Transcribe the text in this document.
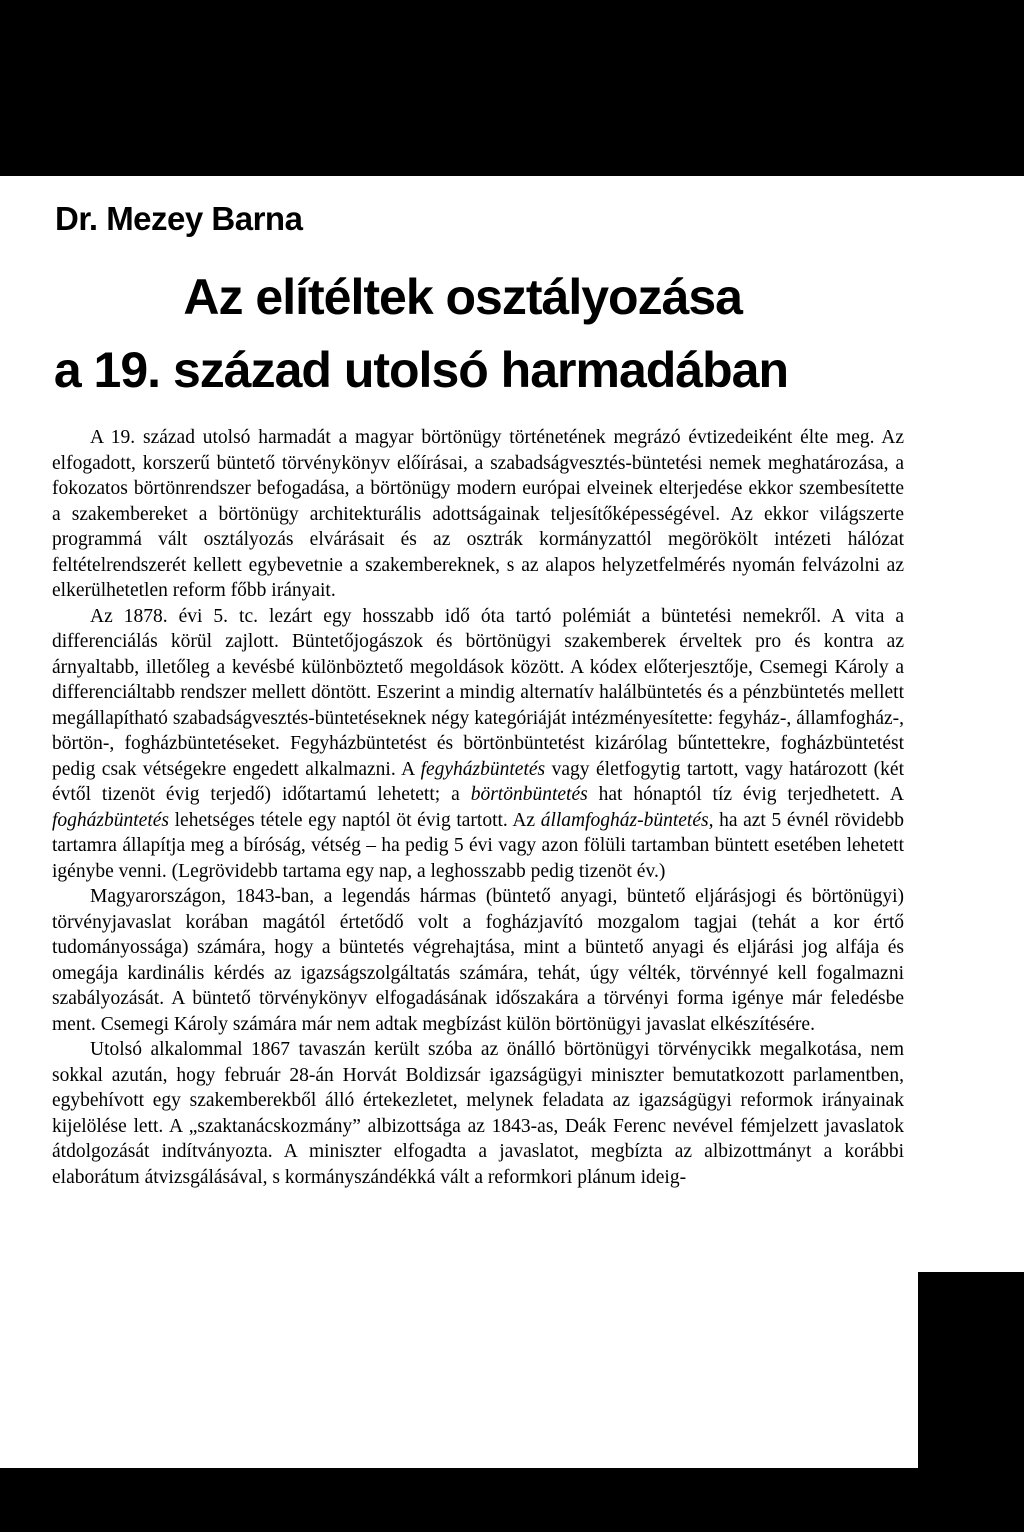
Dr. Mezey Barna
Az elítéltek osztályozása
a 19. század utolsó harmadában

A 19. század utolsó harmadát a magyar börtönügy történetének megrázó évtizedeiként élte meg. Az elfogadott, korszerű büntető törvénykönyv előírásai, a szabadságvesztés-büntetési nemek meghatározása, a fokozatos börtönrendszer befogadása, a börtönügy modern európai elveinek elterjedése ekkor szembesítette a szakembereket a börtönügy architekturális adottságainak teljesítőképességével. Az ekkor világszerte programmá vált osztályozás elvárásait és az osztrák kormányzattól megörökölt intézeti hálózat feltételrendszerét kellett egybevetnie a szakembereknek, s az alapos helyzetfelmérés nyomán felvázolni az elkerülhetetlen reform főbb irányait.

Az 1878. évi 5. tc. lezárt egy hosszabb idő óta tartó polémiát a büntetési nemekről. A vita a differenciálás körül zajlott. Büntetőjogászok és börtönügyi szakemberek érveltek pro és kontra az árnyaltabb, illetőleg a kevésbé különböztető megoldások között. A kódex előterjesztője, Csemegi Károly a differenciáltabb rendszer mellett döntött. Eszerint a mindig alternatív halálbüntetés és a pénzbüntetés mellett megállapítható szabadságvesztés-büntetéseknek négy kategóriáját intézményesítette: fegyház-, államfogház-, börtön-, fogházbüntetéseket. Fegyházbüntetést és börtönbüntetést kizárólag bűntettekre, fogházbüntetést pedig csak vétségekre engedett alkalmazni. A fegyházbüntetés vagy életfogytig tartott, vagy határozott (két évtől tizenöt évig terjedő) időtartamú lehetett; a börtönbüntetés hat hónaptól tíz évig terjedhetett. A fogházbüntetés lehetséges tétele egy naptól öt évig tartott. Az államfogház-büntetés, ha azt 5 évnél rövidebb tartamra állapítja meg a bíróság, vétség – ha pedig 5 évi vagy azon fölüli tartamban büntett esetében lehetett igénybe venni. (Legrövidebb tartama egy nap, a leghosszabb pedig tizenöt év.)

Magyarországon, 1843-ban, a legendás hármas (büntető anyagi, büntető eljárásjogi és börtönügyi) törvényjavaslat korában magától értetődő volt a fogházjavító mozgalom tagjai (tehát a kor értő tudományossága) számára, hogy a büntetés végrehajtása, mint a büntető anyagi és eljárási jog alfája és omegája kardinális kérdés az igazságszolgáltatás számára, tehát, úgy vélték, törvénnyé kell fogalmazni szabályozását. A büntető törvénykönyv elfogadásának időszakára a törvényi forma igénye már feledésbe ment. Csemegi Károly számára már nem adtak megbízást külön börtönügyi javaslat elkészítésére.

Utolsó alkalommal 1867 tavaszán került szóba az önálló börtönügyi törvénycikk megalkotása, nem sokkal azután, hogy február 28-án Horvát Boldizsár igazságügyi miniszter bemutatkozott parlamentben, egybehívott egy szakemberekből álló értekezletet, melynek feladata az igazságügyi reformok irányainak kijelölése lett. A „szaktanácskozmány” albizottsága az 1843-as, Deák Ferenc nevével fémjelzett javaslatok átdolgozását indítványozta. A miniszter elfogadta a javaslatot, megbízta az albizottmányt a korábbi elaborátum átvizsgálásával, s kormányszándékká vált a reformkori plánum ideig-
